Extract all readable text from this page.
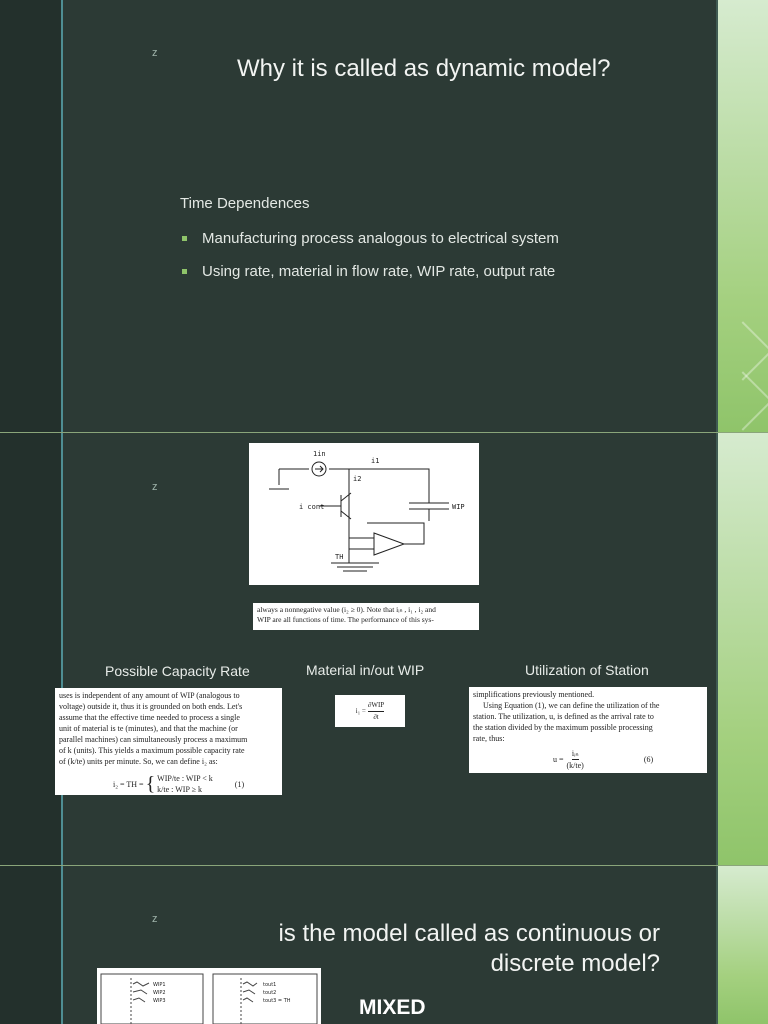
z
Why it is called as dynamic model?
Time Dependences
Manufacturing process analogous to electrical system
Using rate, material in flow rate, WIP rate, output rate
z
1in
i1
i2
WIP
i cont
TH
always a nonnegative value (i₂ ≥ 0). Note that iᵢₙ , i₁ , i₂ and
WIP are all functions of time. The performance of this sys-
Possible Capacity Rate	Material in/out WIP	Utilization of Station
uses is independent of any amount of WIP (analogous to
voltage) outside it, thus it is grounded on both ends. Let's
assume that the effective time needed to process a single
unit of material is te (minutes), and that the machine (or
parallel machines) can simultaneously process a maximum
of k (units). This yields a maximum possible capacity rate
of (k/te) units per minute. So, we can define i₂ as:
i₂ = TH = { WIP/te : WIP < k
k/te : WIP ≥ k
(1)
i₁ =
∂WIP
∂t
simplifications previously mentioned.
Using Equation (1), we can define the utilization of the
station. The utilization, u, is defined as the arrival rate to
the station divided by the maximum possible processing
rate, thus:
u =
iᵢₙ
(k/te)
(6)
z
is the model called as continuous or
discrete model?
WIP1
WIP2
WIP3
tout1
tout2
tout3 = TH	MIXED
